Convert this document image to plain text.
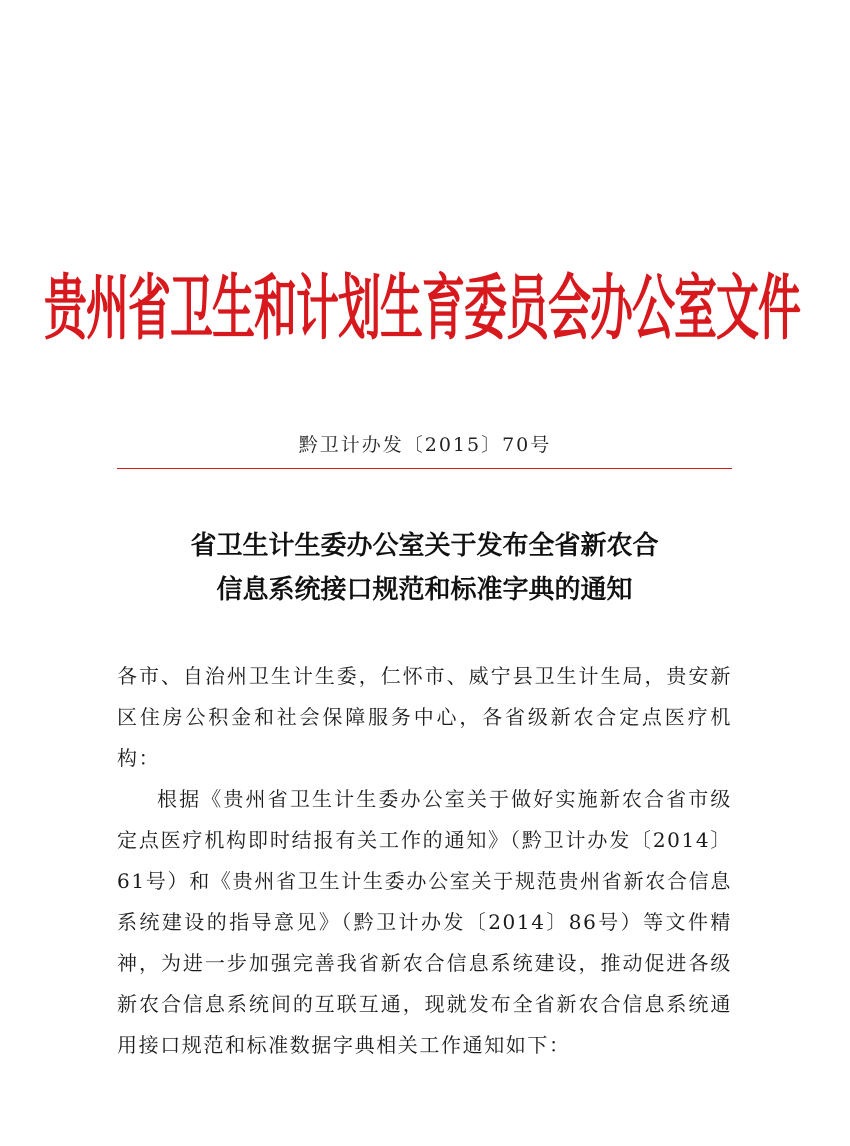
贵州省卫生和计划生育委员会办公室文件
黔卫计办发〔2015〕70号
省卫生计生委办公室关于发布全省新农合
信息系统接口规范和标准字典的通知

各市、自治州卫生计生委，仁怀市、威宁县卫生计生局，贵安新区住房公积金和社会保障服务中心，各省级新农合定点医疗机构：

根据《贵州省卫生计生委办公室关于做好实施新农合省市级定点医疗机构即时结报有关工作的通知》（黔卫计办发〔2014〕61号）和《贵州省卫生计生委办公室关于规范贵州省新农合信息系统建设的指导意见》（黔卫计办发〔2014〕86号）等文件精神，为进一步加强完善我省新农合信息系统建设，推动促进各级新农合信息系统间的互联互通，现就发布全省新农合信息系统通用接口规范和标准数据字典相关工作通知如下：
